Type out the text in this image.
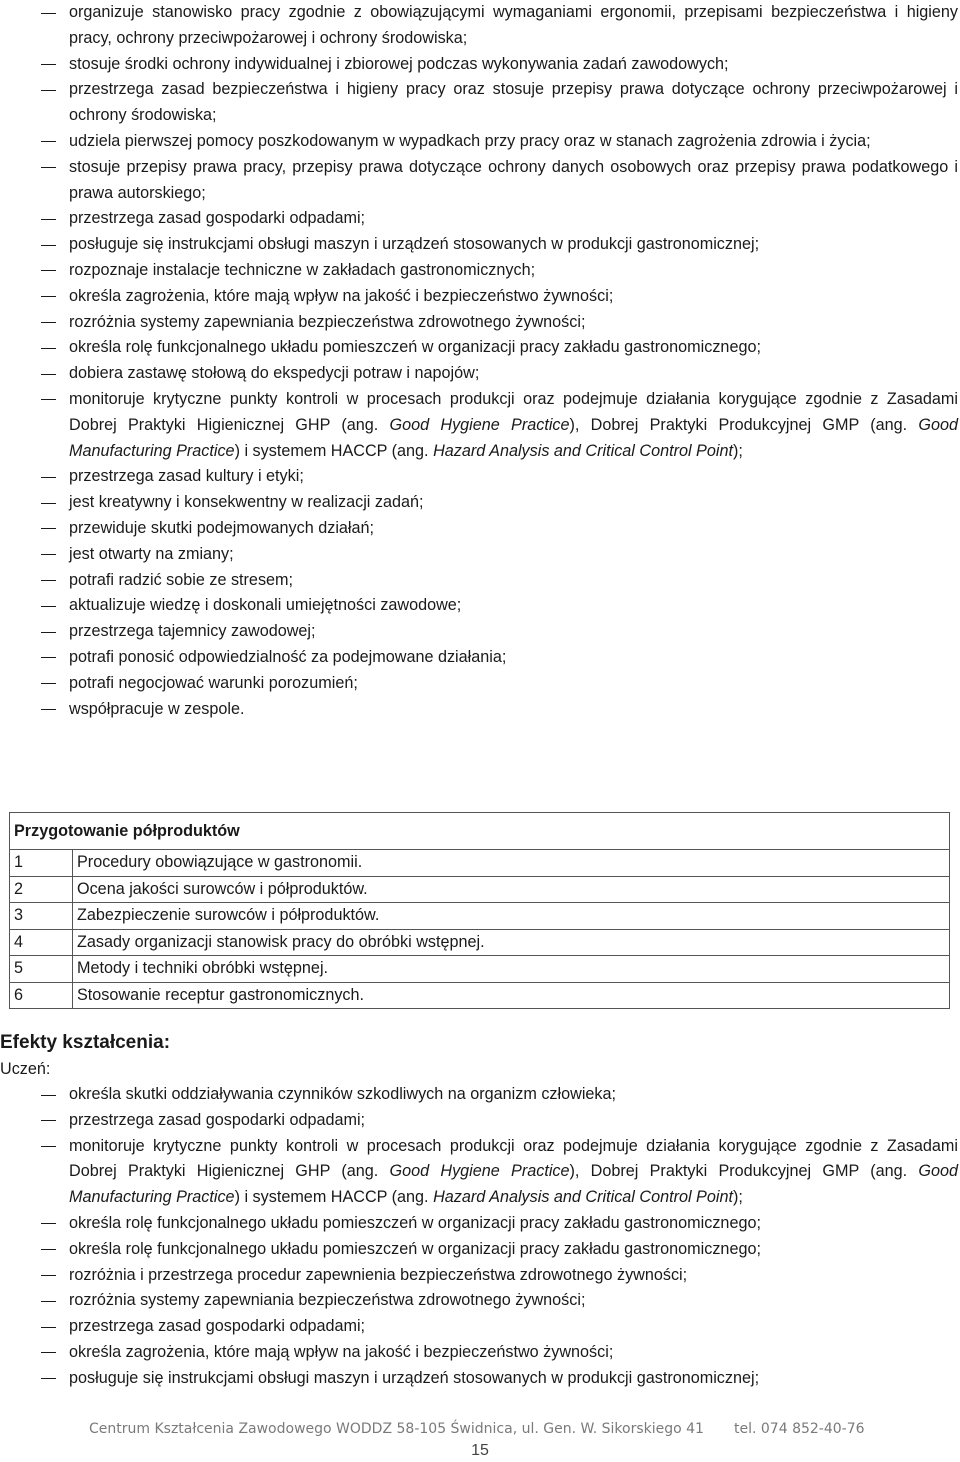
organizuje stanowisko pracy zgodnie z obowiązującymi wymaganiami ergonomii, przepisami bezpieczeństwa i higieny pracy, ochrony przeciwpożarowej i ochrony środowiska;
stosuje środki ochrony indywidualnej i zbiorowej podczas wykonywania zadań zawodowych;
przestrzega zasad bezpieczeństwa i higieny pracy oraz stosuje przepisy prawa dotyczące ochrony przeciwpożarowej i ochrony środowiska;
udziela pierwszej pomocy poszkodowanym w wypadkach przy pracy oraz w stanach zagrożenia zdrowia i życia;
stosuje przepisy prawa pracy, przepisy prawa dotyczące ochrony danych osobowych oraz przepisy prawa podatkowego i prawa autorskiego;
przestrzega zasad gospodarki odpadami;
posługuje się instrukcjami obsługi maszyn i urządzeń stosowanych w produkcji gastronomicznej;
rozpoznaje instalacje techniczne w zakładach gastronomicznych;
określa zagrożenia, które mają wpływ na jakość i bezpieczeństwo żywności;
rozróżnia systemy zapewniania bezpieczeństwa zdrowotnego żywności;
określa rolę funkcjonalnego układu pomieszczeń w organizacji pracy zakładu gastronomicznego;
dobiera zastawę stołową do ekspedycji potraw i napojów;
monitoruje krytyczne punkty kontroli w procesach produkcji oraz podejmuje działania korygujące zgodnie z Zasadami Dobrej Praktyki Higienicznej GHP (ang. Good Hygiene Practice), Dobrej Praktyki Produkcyjnej GMP (ang. Good Manufacturing Practice) i systemem HACCP (ang. Hazard Analysis and Critical Control Point);
przestrzega zasad kultury i etyki;
jest kreatywny i konsekwentny w realizacji zadań;
przewiduje skutki podejmowanych działań;
jest otwarty na zmiany;
potrafi radzić sobie ze stresem;
aktualizuje wiedzę i doskonali umiejętności zawodowe;
przestrzega tajemnicy zawodowej;
potrafi ponosić odpowiedzialność za podejmowane działania;
potrafi negocjować warunki porozumień;
współpracuje w zespole.
Przygotowanie półproduktów	
1	Procedury obowiązujące w gastronomii.
2	Ocena jakości surowców i półproduktów.
3	Zabezpieczenie surowców i półproduktów.
4	Zasady organizacji stanowisk pracy do obróbki wstępnej.
5	Metody i techniki obróbki wstępnej.
6	Stosowanie receptur gastronomicznych.
Efekty kształcenia:
Uczeń:
określa skutki oddziaływania czynników szkodliwych na organizm człowieka;
przestrzega zasad gospodarki odpadami;
monitoruje krytyczne punkty kontroli w procesach produkcji oraz podejmuje działania korygujące zgodnie z Zasadami Dobrej Praktyki Higienicznej GHP (ang. Good Hygiene Practice), Dobrej Praktyki Produkcyjnej GMP (ang. Good Manufacturing Practice) i systemem HACCP (ang. Hazard Analysis and Critical Control Point);
określa rolę funkcjonalnego układu pomieszczeń w organizacji pracy zakładu gastronomicznego;
określa rolę funkcjonalnego układu pomieszczeń w organizacji pracy zakładu gastronomicznego;
rozróżnia i przestrzega procedur zapewnienia bezpieczeństwa zdrowotnego żywności;
rozróżnia systemy zapewniania bezpieczeństwa zdrowotnego żywności;
przestrzega zasad gospodarki odpadami;
określa zagrożenia, które mają wpływ na jakość i bezpieczeństwo żywności;
posługuje się instrukcjami obsługi maszyn i urządzeń stosowanych w produkcji gastronomicznej;
Centrum Kształcenia Zawodowego WODDZ 58-105 Świdnica, ul. Gen. W. Sikorskiego 41 tel. 074 852-40-76
15
